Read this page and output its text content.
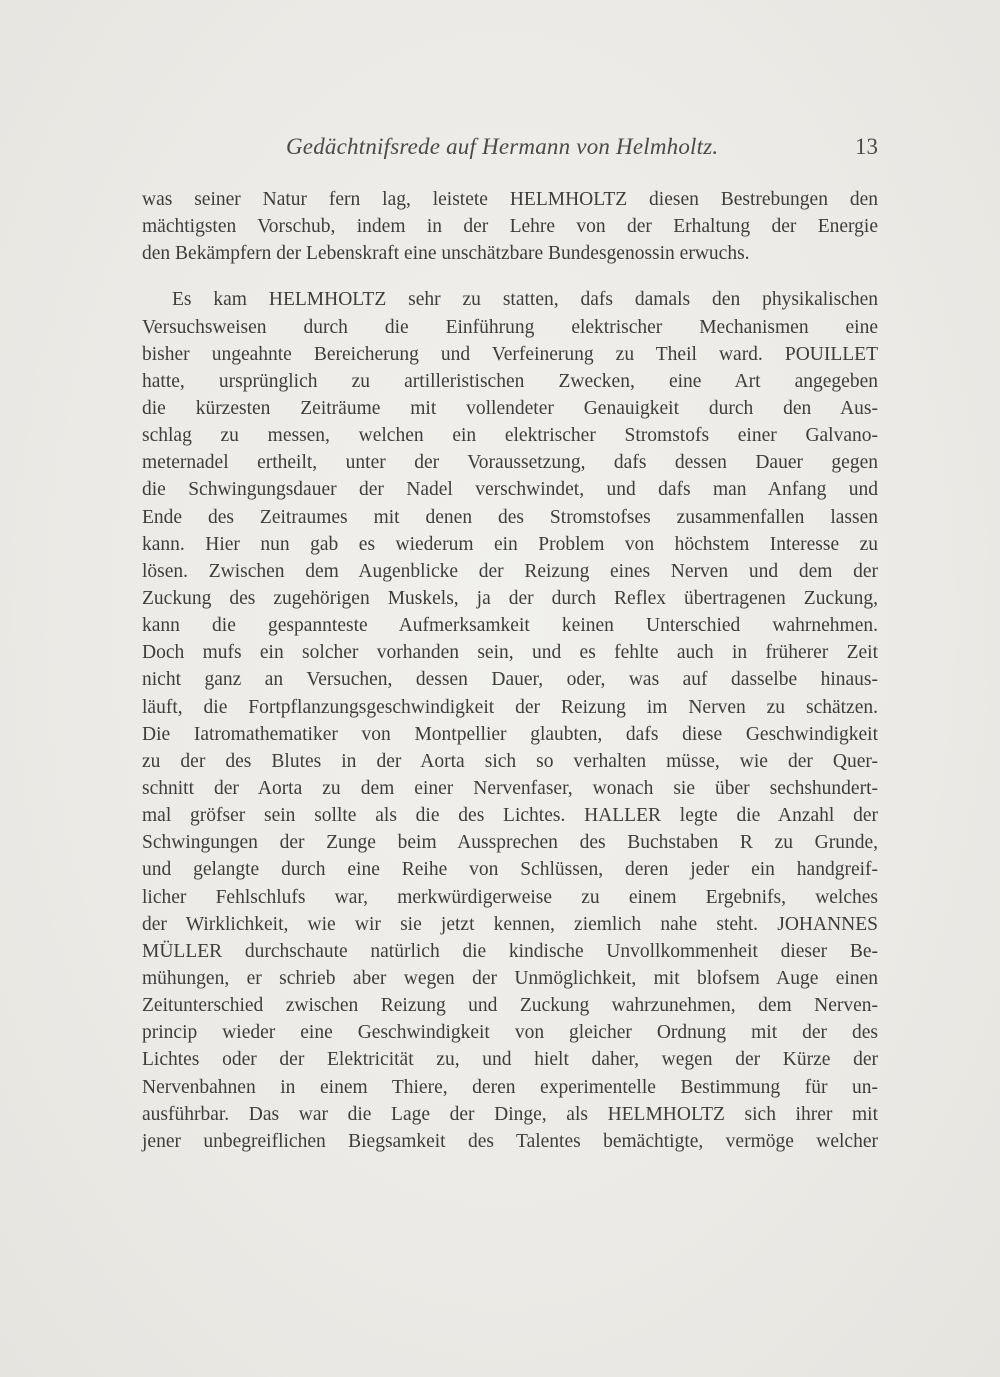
Gedächtnifsrede auf Hermann von Helmholtz.	13
was seiner Natur fern lag, leistete HELMHOLTZ diesen Bestrebungen den
mächtigsten Vorschub, indem in der Lehre von der Erhaltung der Energie
den Bekämpfern der Lebenskraft eine unschätzbare Bundesgenossin erwuchs.
Es kam HELMHOLTZ sehr zu statten, dafs damals den physikalischen
Versuchsweisen durch die Einführung elektrischer Mechanismen eine
bisher ungeahnte Bereicherung und Verfeinerung zu Theil ward. POUILLET
hatte, ursprünglich zu artilleristischen Zwecken, eine Art angegeben
die kürzesten Zeiträume mit vollendeter Genauigkeit durch den Aus-
schlag zu messen, welchen ein elektrischer Stromstofs einer Galvano-
meternadel ertheilt, unter der Voraussetzung, dafs dessen Dauer gegen
die Schwingungsdauer der Nadel verschwindet, und dafs man Anfang und
Ende des Zeitraumes mit denen des Stromstofses zusammenfallen lassen
kann. Hier nun gab es wiederum ein Problem von höchstem Interesse zu
lösen. Zwischen dem Augenblicke der Reizung eines Nerven und dem der
Zuckung des zugehörigen Muskels, ja der durch Reflex übertragenen Zuckung,
kann die gespannteste Aufmerksamkeit keinen Unterschied wahrnehmen.
Doch mufs ein solcher vorhanden sein, und es fehlte auch in früherer Zeit
nicht ganz an Versuchen, dessen Dauer, oder, was auf dasselbe hinaus-
läuft, die Fortpflanzungsgeschwindigkeit der Reizung im Nerven zu schätzen.
Die Iatromathematiker von Montpellier glaubten, dafs diese Geschwindigkeit
zu der des Blutes in der Aorta sich so verhalten müsse, wie der Quer-
schnitt der Aorta zu dem einer Nervenfaser, wonach sie über sechshundert-
mal gröfser sein sollte als die des Lichtes. HALLER legte die Anzahl der
Schwingungen der Zunge beim Aussprechen des Buchstaben R zu Grunde,
und gelangte durch eine Reihe von Schlüssen, deren jeder ein handgreif-
licher Fehlschlufs war, merkwürdigerweise zu einem Ergebnifs, welches
der Wirklichkeit, wie wir sie jetzt kennen, ziemlich nahe steht. JOHANNES
MÜLLER durchschaute natürlich die kindische Unvollkommenheit dieser Be-
mühungen, er schrieb aber wegen der Unmöglichkeit, mit blofsem Auge einen
Zeitunterschied zwischen Reizung und Zuckung wahrzunehmen, dem Nerven-
princip wieder eine Geschwindigkeit von gleicher Ordnung mit der des
Lichtes oder der Elektricität zu, und hielt daher, wegen der Kürze der
Nervenbahnen in einem Thiere, deren experimentelle Bestimmung für un-
ausführbar. Das war die Lage der Dinge, als HELMHOLTZ sich ihrer mit
jener unbegreiflichen Biegsamkeit des Talentes bemächtigte, vermöge welcher
